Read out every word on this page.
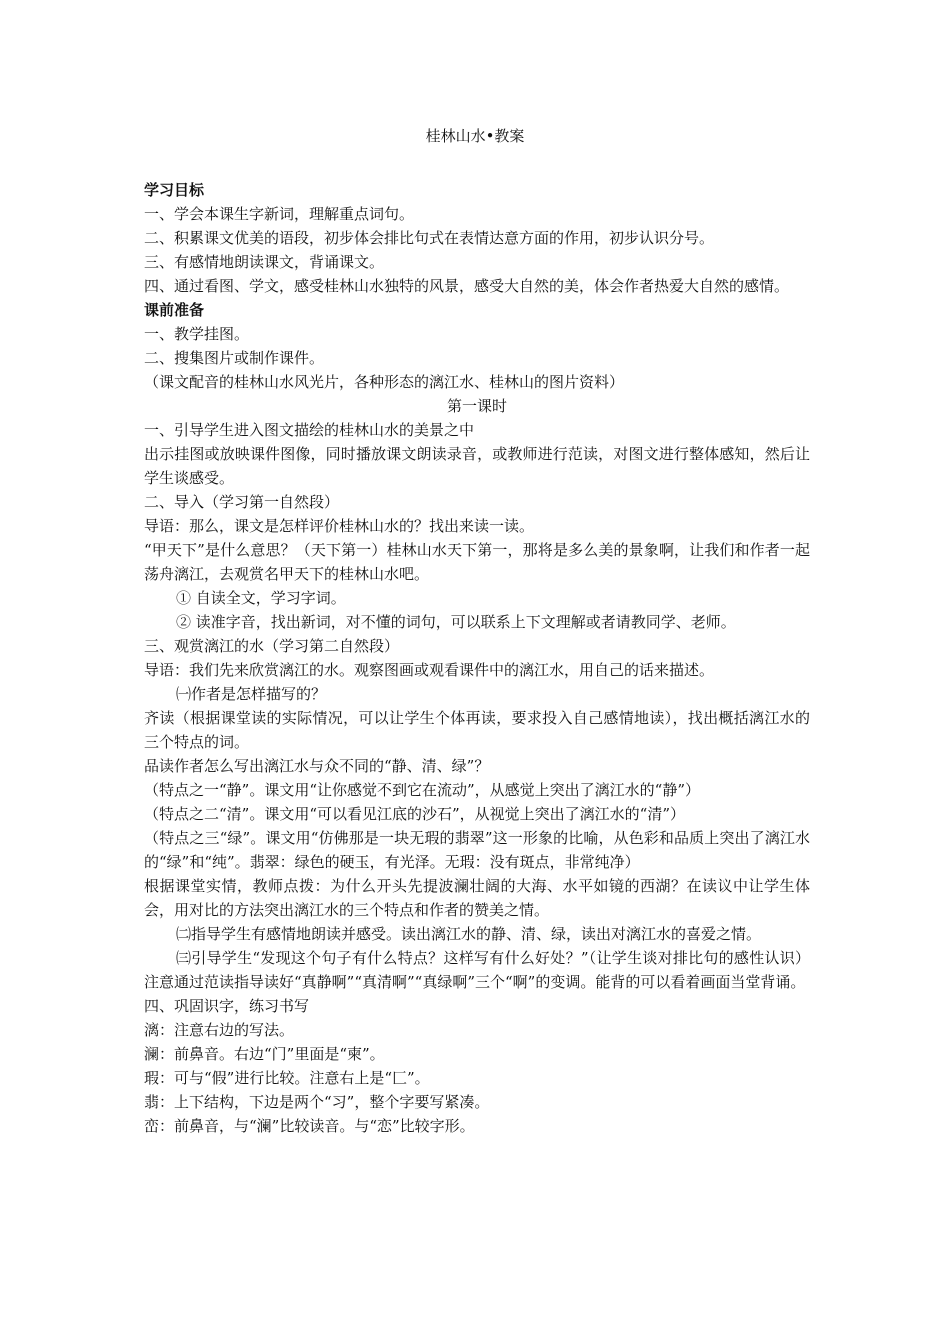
桂林山水•教案
学习目标
一、学会本课生字新词，理解重点词句。
二、积累课文优美的语段，初步体会排比句式在表情达意方面的作用，初步认识分号。
三、有感情地朗读课文，背诵课文。
四、通过看图、学文，感受桂林山水独特的风景，感受大自然的美，体会作者热爱大自然的感情。
课前准备
一、教学挂图。
二、搜集图片或制作课件。
（课文配音的桂林山水风光片，各种形态的漓江水、桂林山的图片资料）
第一课时
一、引导学生进入图文描绘的桂林山水的美景之中
出示挂图或放映课件图像，同时播放课文朗读录音，或教师进行范读，对图文进行整体感知，然后让学生谈感受。
二、导入（学习第一自然段）
导语：那么，课文是怎样评价桂林山水的？找出来读一读。
“甲天下”是什么意思？（天下第一）桂林山水天下第一，那将是多么美的景象啊，让我们和作者一起荡舟漓江，去观赏名甲天下的桂林山水吧。
① 自读全文，学习字词。
② 读准字音，找出新词，对不懂的词句，可以联系上下文理解或者请教同学、老师。
三、观赏漓江的水（学习第二自然段）
导语：我们先来欣赏漓江的水。观察图画或观看课件中的漓江水，用自己的话来描述。
㈠作者是怎样描写的？
齐读（根据课堂读的实际情况，可以让学生个体再读，要求投入自己感情地读），找出概括漓江水的三个特点的词。
品读作者怎么写出漓江水与众不同的“静、清、绿”？
（特点之一“静”。课文用“让你感觉不到它在流动”，从感觉上突出了漓江水的“静”）
（特点之二“清”。课文用“可以看见江底的沙石”，从视觉上突出了漓江水的“清”）
（特点之三“绿”。课文用“仿佛那是一块无瑕的翡翠”这一形象的比喻，从色彩和品质上突出了漓江水的“绿”和“纯”。翡翠：绿色的硬玉，有光泽。无瑕：没有斑点，非常纯净）
根据课堂实情，教师点拨：为什么开头先提波澜壮阔的大海、水平如镜的西湖？在读议中让学生体会，用对比的方法突出漓江水的三个特点和作者的赞美之情。
㈡指导学生有感情地朗读并感受。读出漓江水的静、清、绿，读出对漓江水的喜爱之情。
㈢引导学生“发现这个句子有什么特点？这样写有什么好处？”（让学生谈对排比句的感性认识）注意通过范读指导读好“真静啊”“真清啊”“真绿啊”三个“啊”的变调。能背的可以看着画面当堂背诵。
四、巩固识字，练习书写
漓：注意右边的写法。
澜：前鼻音。右边“门”里面是“柬”。
瑕：可与“假”进行比较。注意右上是“匚”。
翡：上下结构，下边是两个“习”，整个字要写紧凑。
峦：前鼻音，与“澜”比较读音。与“恋”比较字形。
